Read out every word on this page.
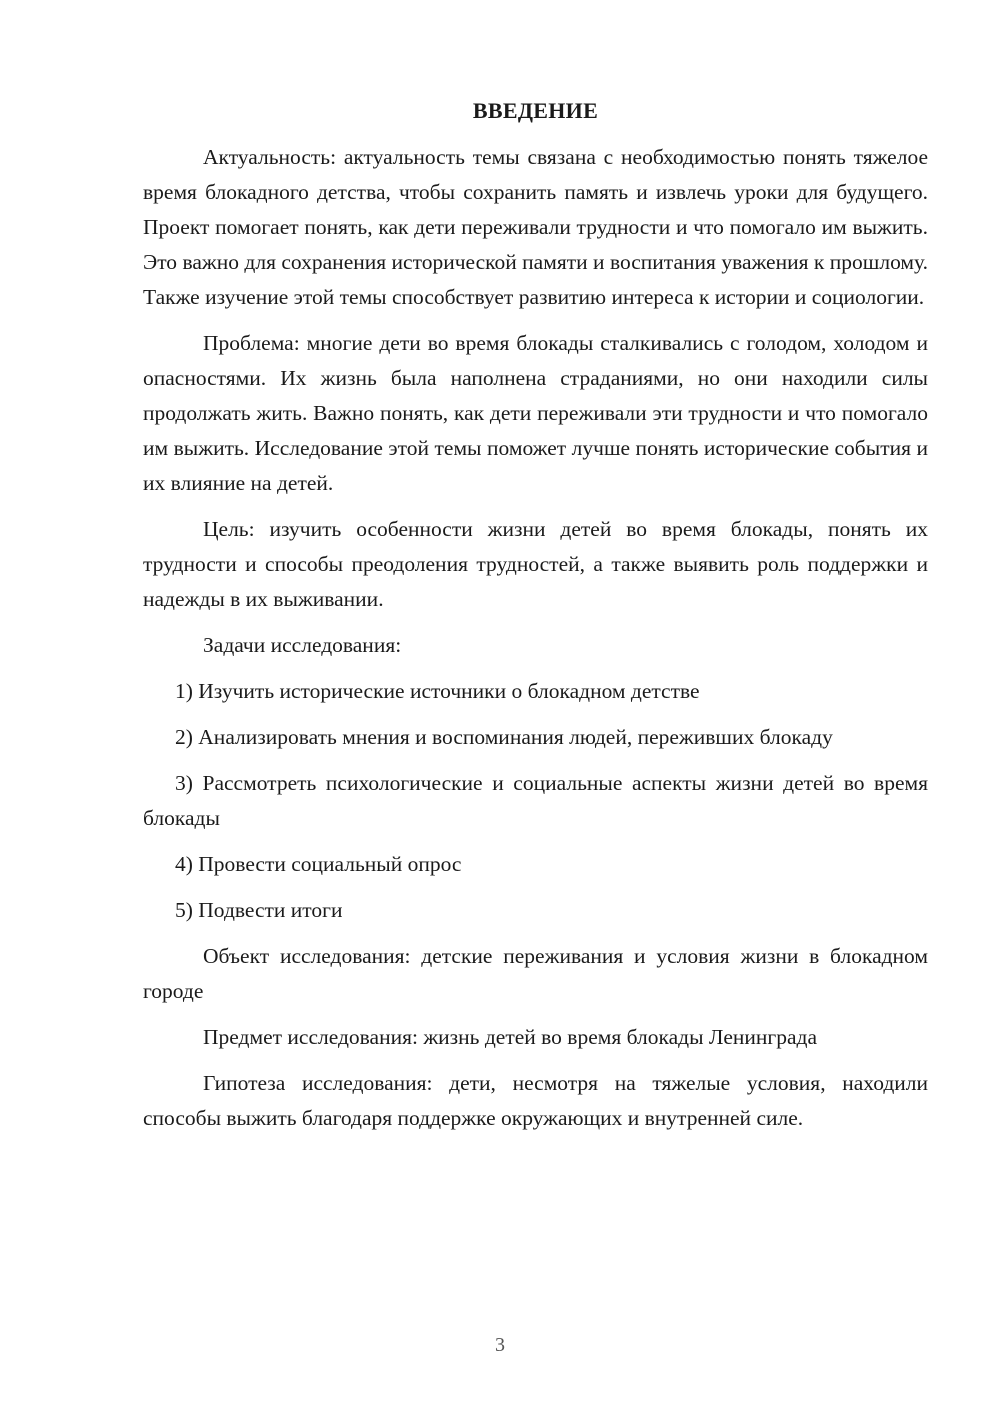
ВВЕДЕНИЕ

Актуальность: актуальность темы связана с необходимостью понять тяжелое время блокадного детства, чтобы сохранить память и извлечь уроки для будущего. Проект помогает понять, как дети переживали трудности и что помогало им выжить. Это важно для сохранения исторической памяти и воспитания уважения к прошлому. Также изучение этой темы способствует развитию интереса к истории и социологии.

Проблема: многие дети во время блокады сталкивались с голодом, холодом и опасностями. Их жизнь была наполнена страданиями, но они находили силы продолжать жить. Важно понять, как дети переживали эти трудности и что помогало им выжить. Исследование этой темы поможет лучше понять исторические события и их влияние на детей.

Цель: изучить особенности жизни детей во время блокады, понять их трудности и способы преодоления трудностей, а также выявить роль поддержки и надежды в их выживании.

Задачи исследования:

1) Изучить исторические источники о блокадном детстве

2) Анализировать мнения и воспоминания людей, переживших блокаду

3) Рассмотреть психологические и социальные аспекты жизни детей во время блокады

4) Провести социальный опрос

5) Подвести итоги

Объект исследования: детские переживания и условия жизни в блокадном городе

Предмет исследования: жизнь детей во время блокады Ленинграда

Гипотеза исследования: дети, несмотря на тяжелые условия, находили способы выжить благодаря поддержке окружающих и внутренней силе.

3
